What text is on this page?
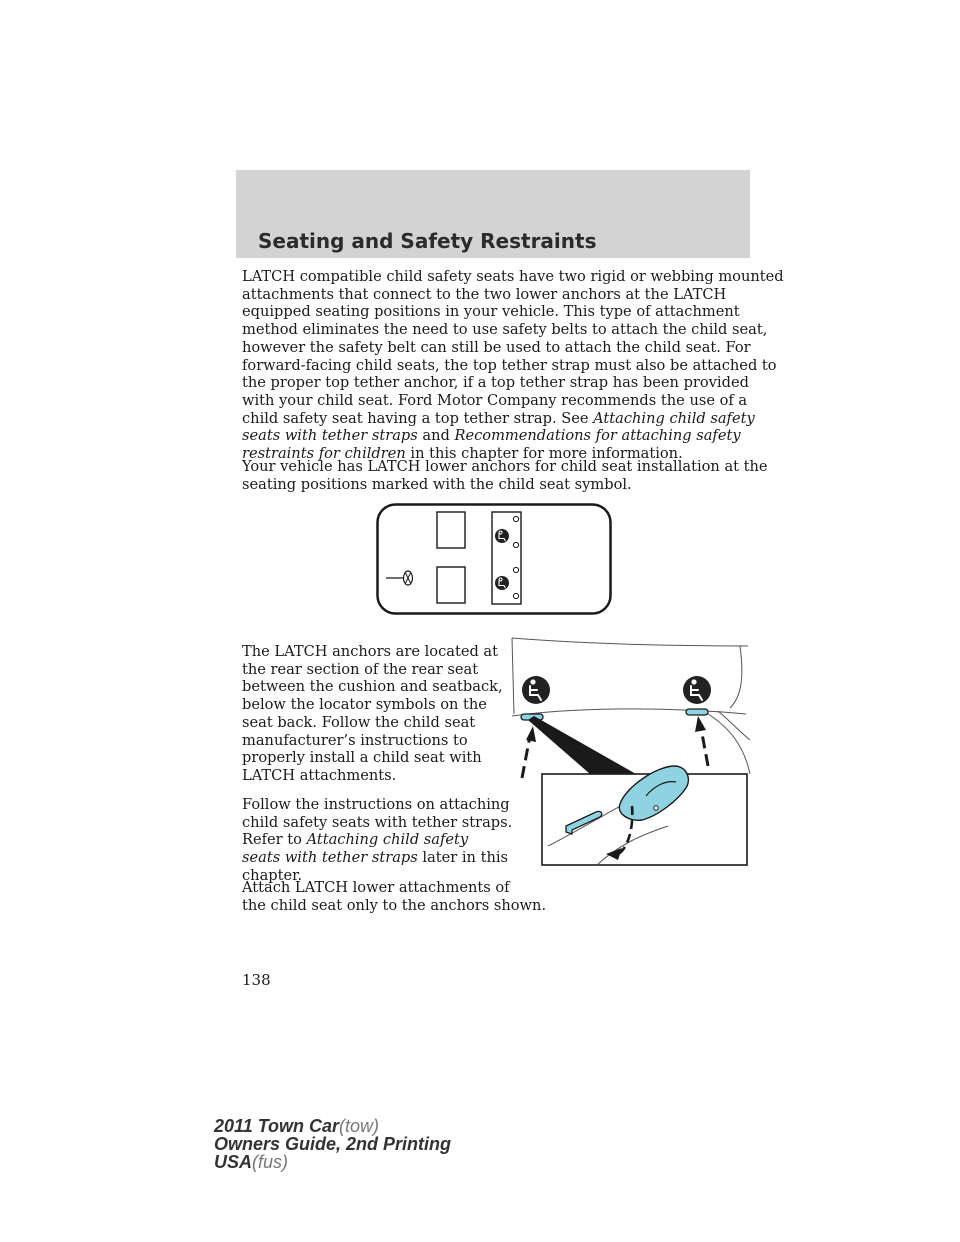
Seating and Safety Restraints
LATCH compatible child safety seats have two rigid or webbing mounted
attachments that connect to the two lower anchors at the LATCH
equipped seating positions in your vehicle. This type of attachment
method eliminates the need to use safety belts to attach the child seat,
however the safety belt can still be used to attach the child seat. For
forward-facing child seats, the top tether strap must also be attached to
the proper top tether anchor, if a top tether strap has been provided
with your child seat. Ford Motor Company recommends the use of a
child safety seat having a top tether strap. See Attaching child safety
seats with tether straps and Recommendations for attaching safety
restraints for children in this chapter for more information.
Your vehicle has LATCH lower anchors for child seat installation at the
seating positions marked with the child seat symbol.
The LATCH anchors are located at
the rear section of the rear seat
between the cushion and seatback,
below the locator symbols on the
seat back. Follow the child seat
manufacturer’s instructions to
properly install a child seat with
LATCH attachments.
Follow the instructions on attaching
child safety seats with tether straps.
Refer to Attaching child safety
seats with tether straps later in this
chapter.
Attach LATCH lower attachments of
the child seat only to the anchors shown.
138
2011 Town Car(tow)
Owners Guide, 2nd Printing
USA(fus)
